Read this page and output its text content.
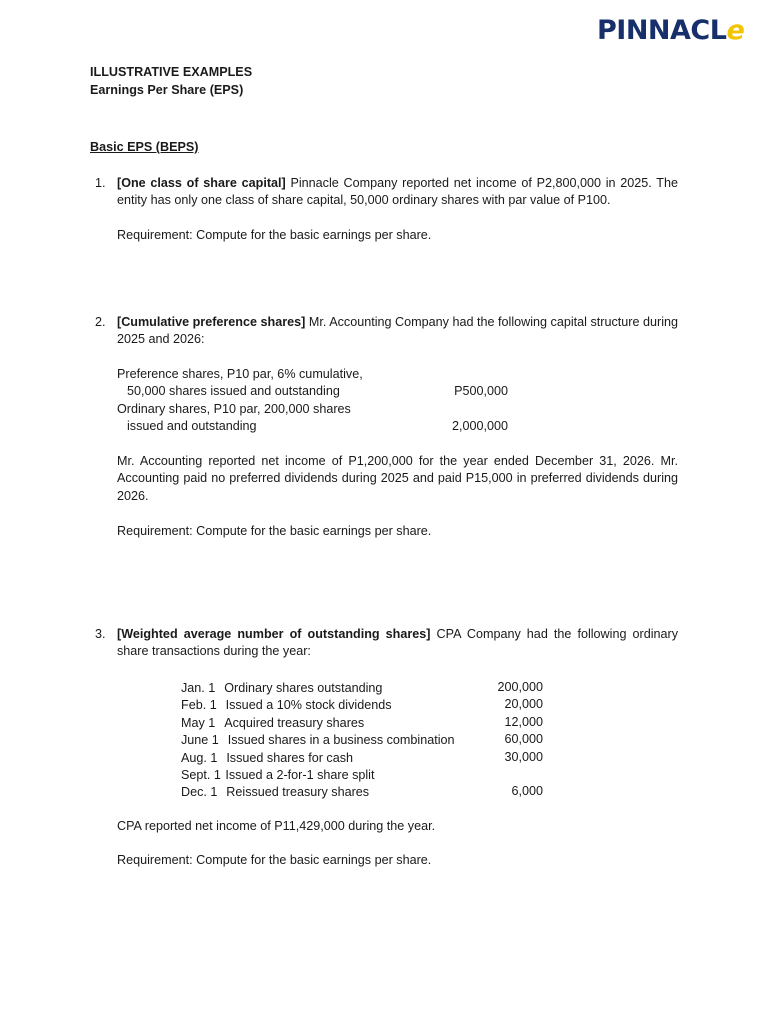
PINNACLe
ILLUSTRATIVE EXAMPLES
Earnings Per Share (EPS)
Basic EPS (BEPS)
1. [One class of share capital] Pinnacle Company reported net income of P2,800,000 in 2025. The entity has only one class of share capital, 50,000 ordinary shares with par value of P100.
Requirement: Compute for the basic earnings per share.
2. [Cumulative preference shares] Mr. Accounting Company had the following capital structure during 2025 and 2026:
Preference shares, P10 par, 6% cumulative,
50,000 shares issued and outstanding	P500,000
Ordinary shares, P10 par, 200,000 shares
issued and outstanding	2,000,000
Mr. Accounting reported net income of P1,200,000 for the year ended December 31, 2026. Mr. Accounting paid no preferred dividends during 2025 and paid P15,000 in preferred dividends during 2026.
Requirement: Compute for the basic earnings per share.
3. [Weighted average number of outstanding shares] CPA Company had the following ordinary share transactions during the year:
Jan. 1 Ordinary shares outstanding	200,000
Feb. 1 Issued a 10% stock dividends	20,000
May 1 Acquired treasury shares	12,000
June 1 Issued shares in a business combination	60,000
Aug. 1 Issued shares for cash	30,000
Sept. 1 Issued a 2-for-1 share split
Dec. 1 Reissued treasury shares	6,000
CPA reported net income of P11,429,000 during the year.
Requirement: Compute for the basic earnings per share.
